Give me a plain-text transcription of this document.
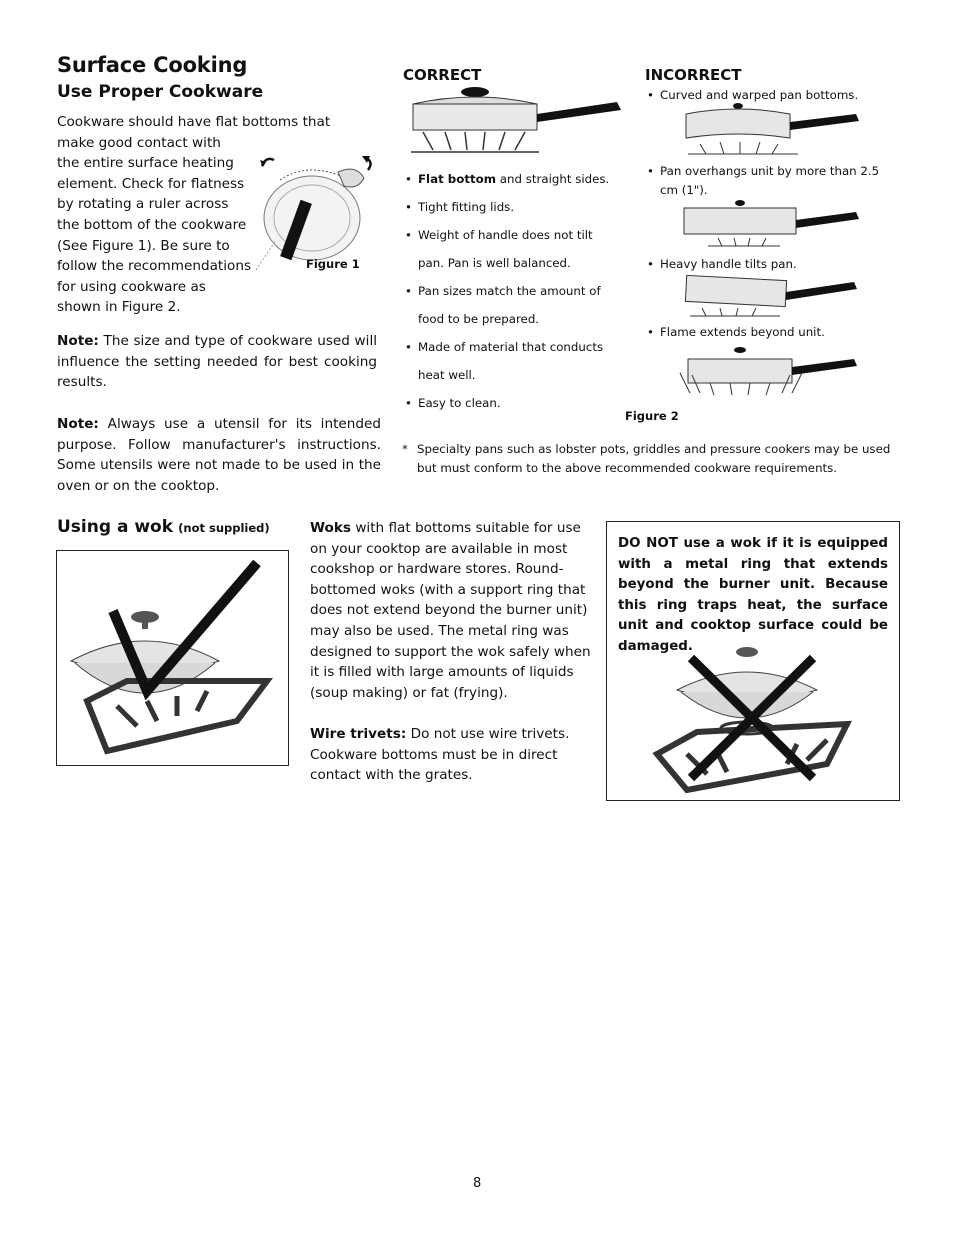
Surface Cooking
Use Proper Cookware
Cookware should have flat bottoms that
make good contact with
the entire surface heating
element. Check for flatness
by rotating a ruler across
the bottom of the cookware
(See Figure 1). Be sure to
follow the recommendations
for using cookware as
shown in Figure 2.
Figure 1
Note: The size and type of cookware used will influence the setting needed for best cooking results.
Note: Always use a utensil for its intended purpose. Follow manufacturer's instructions. Some utensils were not made to be used in the oven or on the cooktop.
CORRECT
• Flat bottom and straight sides.
• Tight fitting lids.
• Weight of handle does not tilt
pan. Pan is well balanced.
• Pan sizes match the amount of
food to be prepared.
• Made of material that conducts
heat well.
• Easy to clean.
INCORRECT
• Curved and warped pan bottoms.
• Pan overhangs unit by more than 2.5
cm (1").
• Heavy handle tilts pan.
• Flame extends beyond unit.
Figure 2
* Specialty pans such as lobster pots, griddles and pressure cookers may be used
but must conform to the above recommended cookware requirements.
Using a wok (not supplied)	Woks with flat bottoms suitable for use
on your cooktop are available in most
cookshop or hardware stores. Round-
bottomed woks (with a support ring that
does not extend beyond the burner unit)
may also be used. The metal ring was
designed to support the wok safely when
it is filled with large amounts of liquids
(soup making) or fat (frying).
Wire trivets: Do not use wire trivets.
Cookware bottoms must be in direct
contact with the grates.
DO NOT use a wok if it is equipped with a metal ring that extends beyond the burner unit. Because this ring traps heat, the surface unit and cooktop surface could be damaged.
8
